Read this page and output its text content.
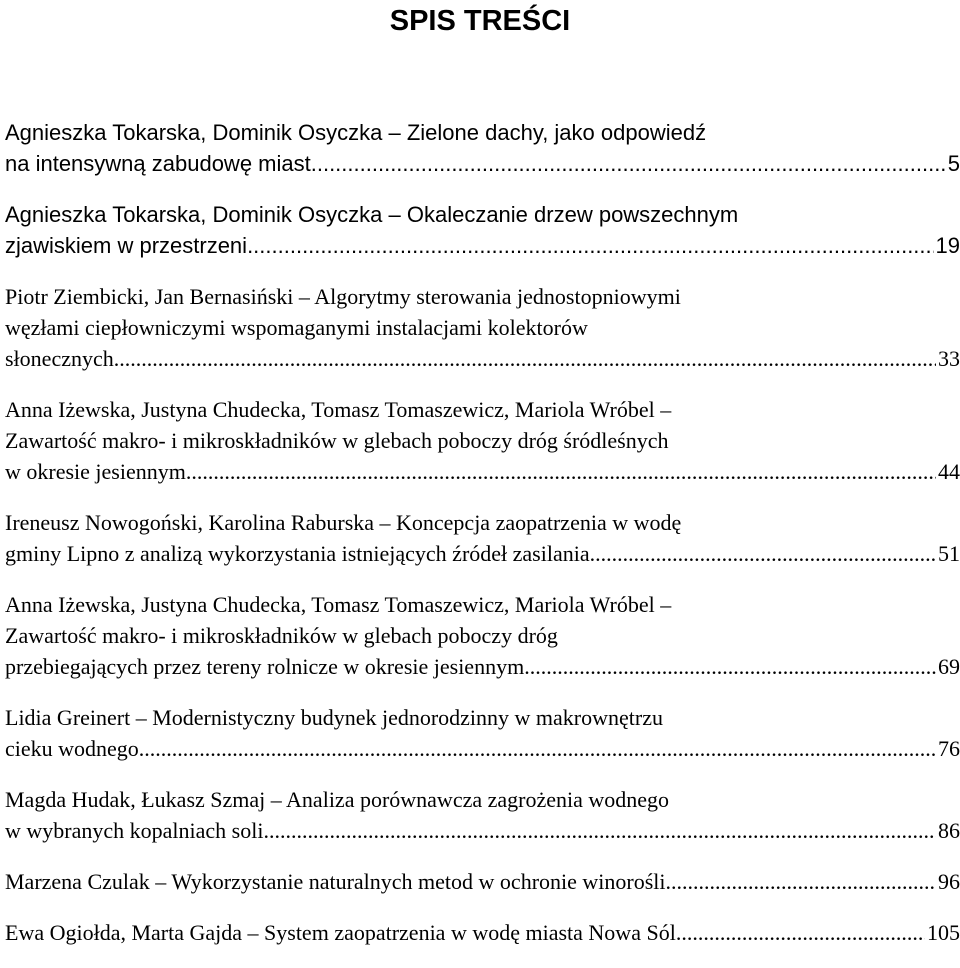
SPIS TREŚCI
Agnieszka Tokarska, Dominik Osyczka – Zielone dachy, jako odpowiedź
na intensywną zabudowę miast .....	5
Agnieszka Tokarska, Dominik Osyczka – Okaleczanie drzew powszechnym
zjawiskiem w przestrzeni .....	19
Piotr Ziembicki, Jan Bernasiński – Algorytmy sterowania jednostopniowymi
węzłami ciepłowniczymi wspomaganymi instalacjami kolektorów
słonecznych .....	33
Anna Iżewska, Justyna Chudecka, Tomasz Tomaszewicz, Mariola Wróbel –
Zawartość makro- i mikroskładników w glebach poboczy dróg śródleśnych
w okresie jesiennym .....	44
Ireneusz Nowogoński, Karolina Raburska – Koncepcja zaopatrzenia w wodę
gminy Lipno z analizą wykorzystania istniejących źródeł zasilania .....	51
Anna Iżewska, Justyna Chudecka, Tomasz Tomaszewicz, Mariola Wróbel –
Zawartość makro- i mikroskładników w glebach poboczy dróg
przebiegających przez tereny rolnicze w okresie jesiennym .....	69
Lidia Greinert – Modernistyczny budynek jednorodzinny w makrownętrzu
cieku wodnego .....	76
Magda Hudak, Łukasz Szmaj – Analiza porównawcza zagrożenia wodnego
w wybranych kopalniach soli .....	86
Marzena Czulak – Wykorzystanie naturalnych metod w ochronie winorośli .....	96
Ewa Ogiołda, Marta Gajda – System zaopatrzenia w wodę miasta Nowa Sól .....	105
